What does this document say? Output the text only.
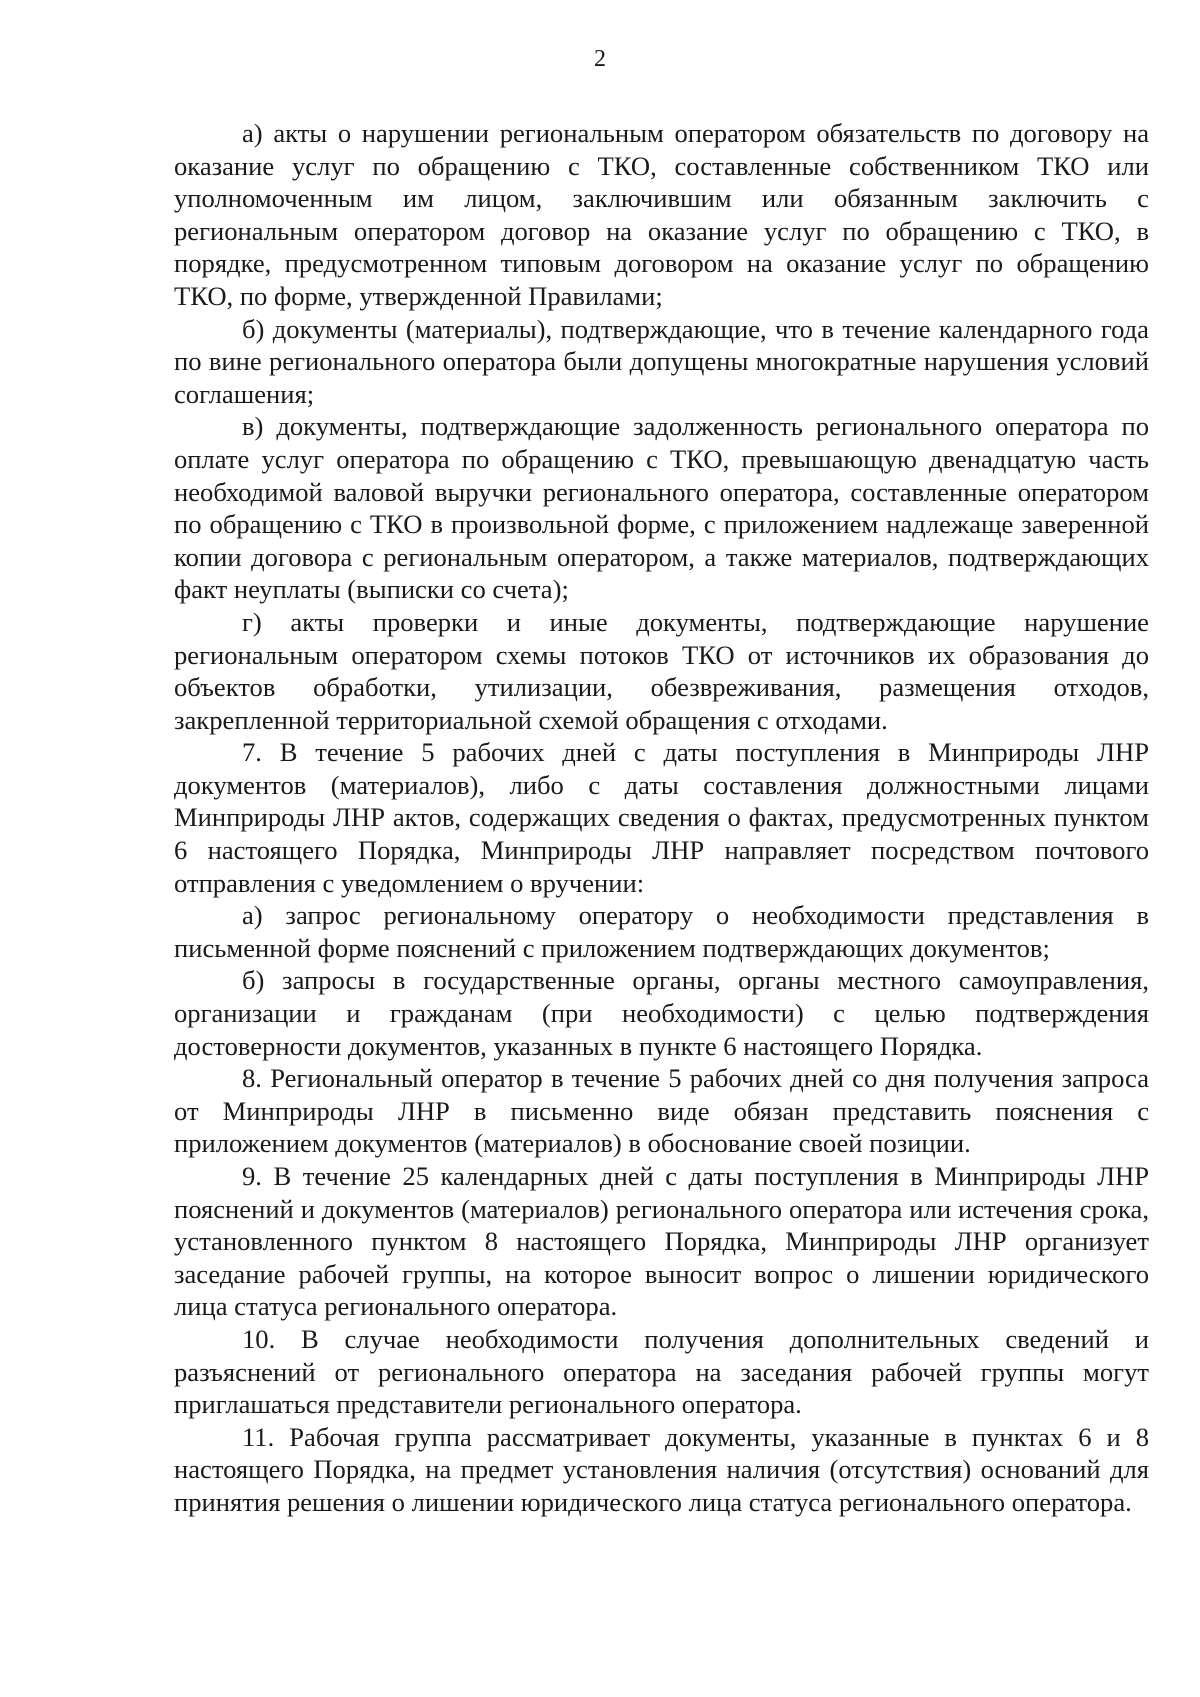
2

а) акты о нарушении региональным оператором обязательств по договору на оказание услуг по обращению с ТКО, составленные собственником ТКО или уполномоченным им лицом, заключившим или обязанным заключить с региональным оператором договор на оказание услуг по обращению с ТКО, в порядке, предусмотренном типовым договором на оказание услуг по обращению ТКО, по форме, утвержденной Правилами;

б) документы (материалы), подтверждающие, что в течение календарного года по вине регионального оператора были допущены многократные нарушения условий соглашения;

в) документы, подтверждающие задолженность регионального оператора по оплате услуг оператора по обращению с ТКО, превышающую двенадцатую часть необходимой валовой выручки регионального оператора, составленные оператором по обращению с ТКО в произвольной форме, с приложением надлежаще заверенной копии договора с региональным оператором, а также материалов, подтверждающих факт неуплаты (выписки со счета);

г) акты проверки и иные документы, подтверждающие нарушение региональным оператором схемы потоков ТКО от источников их образования до объектов обработки, утилизации, обезвреживания, размещения отходов, закрепленной территориальной схемой обращения с отходами.

7. В течение 5 рабочих дней с даты поступления в Минприроды ЛНР документов (материалов), либо с даты составления должностными лицами Минприроды ЛНР актов, содержащих сведения о фактах, предусмотренных пунктом 6 настоящего Порядка, Минприроды ЛНР направляет посредством почтового отправления с уведомлением о вручении:

а) запрос региональному оператору о необходимости представления в письменной форме пояснений с приложением подтверждающих документов;

б) запросы в государственные органы, органы местного самоуправления, организации и гражданам (при необходимости) с целью подтверждения достоверности документов, указанных в пункте 6 настоящего Порядка.

8. Региональный оператор в течение 5 рабочих дней со дня получения запроса от Минприроды ЛНР в письменно виде обязан представить пояснения с приложением документов (материалов) в обоснование своей позиции.

9. В течение 25 календарных дней с даты поступления в Минприроды ЛНР пояснений и документов (материалов) регионального оператора или истечения срока, установленного пунктом 8 настоящего Порядка, Минприроды ЛНР организует заседание рабочей группы, на которое выносит вопрос о лишении юридического лица статуса регионального оператора.

10. В случае необходимости получения дополнительных сведений и разъяснений от регионального оператора на заседания рабочей группы могут приглашаться представители регионального оператора.

11. Рабочая группа рассматривает документы, указанные в пунктах 6 и 8 настоящего Порядка, на предмет установления наличия (отсутствия) оснований для принятия решения о лишении юридического лица статуса регионального оператора.
